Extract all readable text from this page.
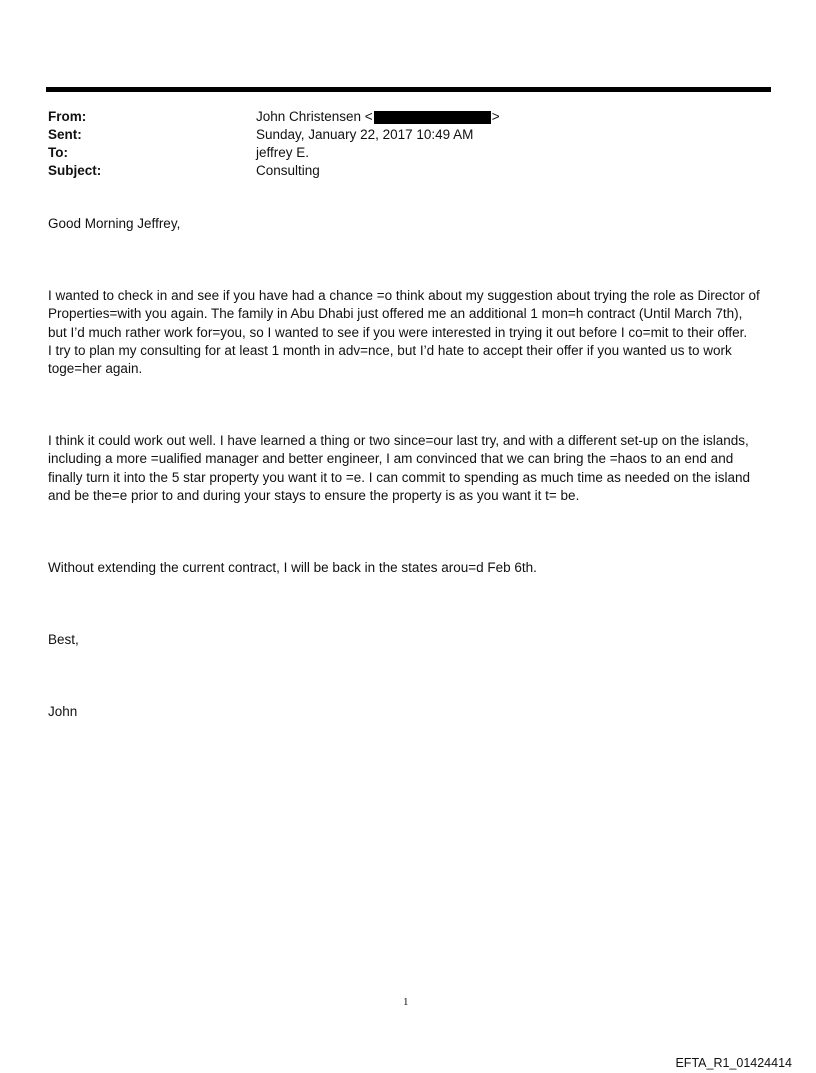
From:	John Christensen <	>
Sent:	Sunday, January 22, 2017 10:49 AM
To:	jeffrey E.
Subject:	Consulting

Good Morning Jeffrey,

I wanted to check in and see if you have had a chance =o think about my suggestion about trying the role as Director of
Properties=with you again. The family in Abu Dhabi just offered me an additional 1 mon=h contract (Until March 7th),
but I’d much rather work for=you, so I wanted to see if you were interested in trying it out before I co=mit to their offer.
I try to plan my consulting for at least 1 month in adv=nce, but I’d hate to accept their offer if you wanted us to work
toge=her again.

I think it could work out well. I have learned a thing or two since=our last try, and with a different set-up on the islands,
including a more =ualified manager and better engineer, I am convinced that we can bring the =haos to an end and
finally turn it into the 5 star property you want it to =e. I can commit to spending as much time as needed on the island
and be the=e prior to and during your stays to ensure the property is as you want it t= be.

Without extending the current contract, I will be back in the states arou=d Feb 6th.

Best,

John

1
EFTA_R1_01424414
